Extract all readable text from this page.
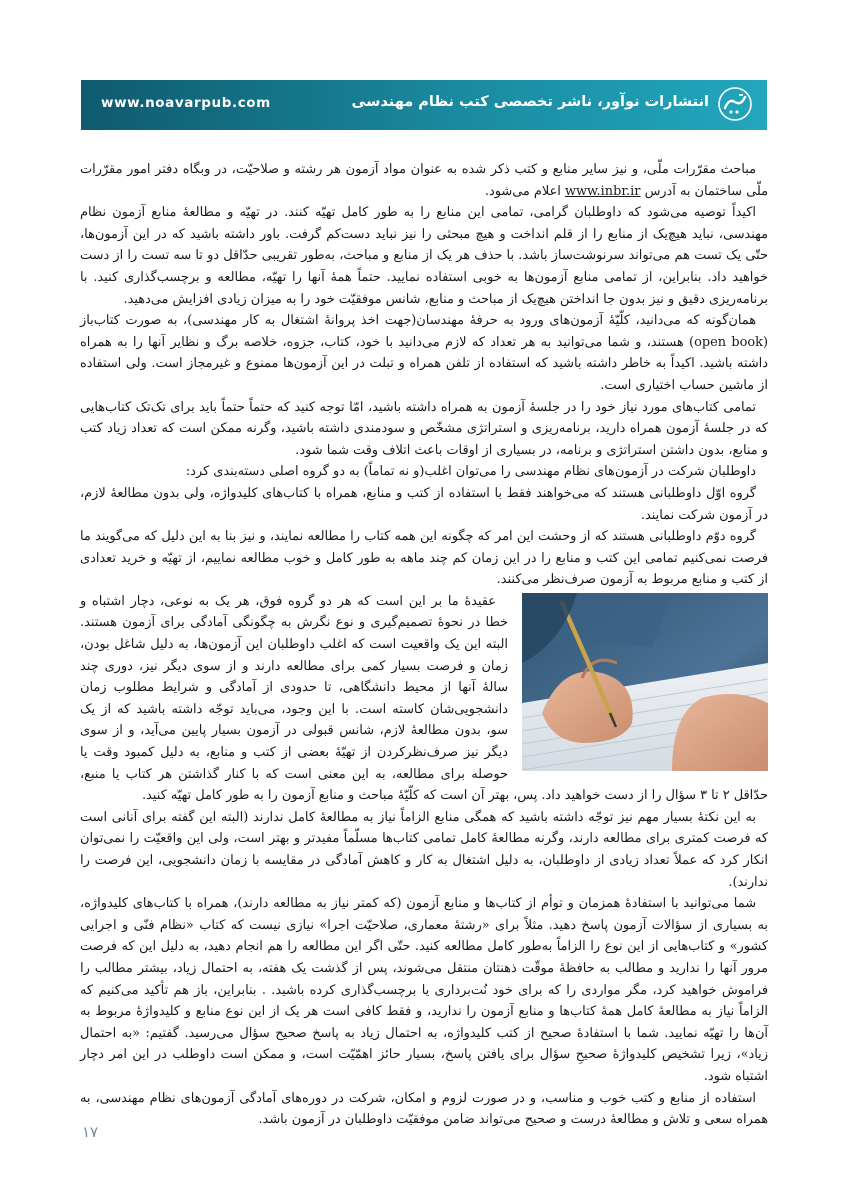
www.noavarpub.com	انتشارات نوآور، ناشر تخصصی کتب نظام مهندسی

مباحث مقرّرات ملّی، و نیز سایر منابع و کتب ذکر شده به عنوان مواد آزمون هر رشته و صلاحیّت، در وبگاه دفتر امور مقرّرات ملّی ساختمان به آدرس www.inbr.ir اعلام می‌شود.

اکیداً توصیه می‌شود که داوطلبان گرامی، تمامی این منابع را به طور کامل تهیّه کنند. در تهیّه و مطالعهٔ منابع آزمون نظام مهندسی، نباید هیچ‌یک از منابع را از قلم انداخت و هیچ مبحثی را نیز نباید دست‌کم گرفت. باور داشته باشید که در این آزمون‌ها، حتّی یک تست هم می‌تواند سرنوشت‌ساز باشد. با حذف هر یک از منابع و مباحث، به‌طور تقریبی حدّاقل دو تا سه تست را از دست خواهید داد. بنابراین، از تمامی منابع آزمون‌ها به خوبی استفاده نمایید. حتماً همهٔ آنها را تهیّه، مطالعه و برچسب‌گذاری کنید. با برنامه‌ریزی دقیق و نیز بدون جا انداختن هیچ‌یک از مباحث و منابع، شانس موفقیّت خود را به میزان زیادی افزایش می‌دهید.

همان‌گونه که می‌دانید، کلّیّهٔ آزمون‌های ورود به حرفهٔ مهندسان(جهت اخذ پروانهٔ اشتغال به کار مهندسی)، به صورت کتاب‌باز (open book) هستند، و شما می‌توانید به هر تعداد که لازم می‌دانید با خود، کتاب، جزوه، خلاصه برگ و نظایر آنها را به همراه داشته باشید. اکیداً به خاطر داشته باشید که استفاده از تلفن همراه و تبلت در این آزمون‌ها ممنوع و غیرمجاز است. ولی استفاده از ماشین حساب اختیاری است.

تمامی کتاب‌های مورد نیاز خود را در جلسهٔ آزمون به همراه داشته باشید، امّا توجه کنید که حتماً حتماً باید برای تک‌تک کتاب‌هایی که در جلسهٔ آزمون همراه دارید، برنامه‌ریزی و استراتژی مشخّص و سودمندی داشته باشید، وگرنه ممکن است که تعداد زیاد کتب و منابع، بدون داشتن استراتژی و برنامه، در بسیاری از اوقات باعث اتلاف وقت شما شود.

داوطلبان شرکت در آزمون‌های نظام مهندسی را می‌توان اغلب(و نه تماماً) به دو گروه اصلی دسته‌بندی کرد:

گروه اوّل داوطلبانی هستند که می‌خواهند فقط با استفاده از کتب و منابع، همراه با کتاب‌های کلیدواژه، ولی بدون مطالعهٔ لازم، در آزمون شرکت نمایند.

گروه دوّم داوطلبانی هستند که از وحشت این امر که چگونه این همه کتاب را مطالعه نمایند، و نیز بنا به این دلیل که می‌گویند ما فرصت نمی‌کنیم تمامی این کتب و منابع را در این زمان کم چند ماهه به طور کامل و خوب مطالعه نماییم، از تهیّه و خرید تعدادی از کتب و منابع مربوط به آزمون صرف‌نظر می‌کنند.

عقیدهٔ ما بر این است که هر دو گروه فوق، هر یک به نوعی، دچار اشتباه و خطا در نحوهٔ تصمیم‌گیری و نوع نگرش به چگونگی آمادگی برای آزمون هستند. البته این یک واقعیت است که اغلب داوطلبان این آزمون‌ها، به دلیل شاغل بودن، زمان و فرصت بسیار کمی برای مطالعه دارند و از سوی دیگر نیز، دوری چند سالهٔ آنها از محیط دانشگاهی، تا حدودی از آمادگی و شرایط مطلوب زمان دانشجویی‌شان کاسته است. با این وجود، می‌باید توجّه داشته باشید که از یک سو، بدون مطالعهٔ لازم، شانس قبولی در آزمون بسیار پایین می‌آید، و از سوی دیگر نیز صرف‌نظرکردن از تهیّهٔ بعضی از کتب و منابع، به دلیل کمبود وقت یا حوصله برای مطالعه، به این معنی است که با کنار گذاشتن هر کتاب یا منبع، حدّاقل ۲ تا ۳ سؤال را از دست خواهید داد. پس، بهتر آن است که کلّیّهٔ مباحث و منابع آزمون را به طور کامل تهیّه کنید.

به این نکتهٔ بسیار مهم نیز توجّه داشته باشید که همگی منابع الزاماً نیاز به مطالعهٔ کامل ندارند (البته این گفته برای آنانی است که فرصت کمتری برای مطالعه دارند، وگرنه مطالعهٔ کامل تمامی کتاب‌ها مسلّماً مفیدتر و بهتر است، ولی این واقعیّت را نمی‌توان انکار کرد که عملاً تعداد زیادی از داوطلبان، به دلیل اشتغال به کار و کاهش آمادگی در مقایسه با زمان دانشجویی، این فرصت را ندارند).

شما می‌توانید با استفادهٔ همزمان و توأم از کتاب‌ها و منابع آزمون (که کمتر نیاز به مطالعه دارند)، همراه با کتاب‌های کلیدواژه، به بسیاری از سؤالات آزمون پاسخ دهید. مثلاً برای «رشتهٔ معماری، صلاحیّت اجرا» نیازی نیست که کتاب «نظام فنّی و اجرایی کشور» و کتاب‌هایی از این نوع را الزاماً به‌طور کامل مطالعه کنید. حتّی اگر این مطالعه را هم انجام دهید، به دلیل این که فرصت مرور آنها را ندارید و مطالب به حافظهٔ موقّت ذهنتان منتقل می‌شوند، پس از گذشت یک هفته، به احتمال زیاد، بیشتر مطالب را فراموش خواهید کرد، مگر مواردی را که برای خود نُت‌برداری یا برچسب‌گذاری کرده باشید. . بنابراین، باز هم تأکید می‌کنیم که الزاماً نیاز به مطالعهٔ کامل همهٔ کتاب‌ها و منابع آزمون را ندارید، و فقط کافی است هر یک از این نوع منابع و کلیدواژهٔ مربوط به آن‌ها را تهیّه نمایید. شما با استفادهٔ صحیح از کتب کلیدواژه، به احتمال زیاد به پاسخ صحیح سؤال می‌رسید. گفتیم: «به احتمال زیاد»، زیرا تشخیص کلیدواژهٔ صحیحِ سؤال برای یافتن پاسخ، بسیار حائز اهمّیّت است، و ممکن است داوطلب در این امر دچار اشتباه شود.

استفاده از منابع و کتب خوب و مناسب، و در صورت لزوم و امکان، شرکت در دوره‌های آمادگی آزمون‌های نظام مهندسی، به همراه سعی و تلاش و مطالعهٔ درست و صحیح می‌تواند ضامن موفقیّت داوطلبان در آزمون باشد.

۱۷
